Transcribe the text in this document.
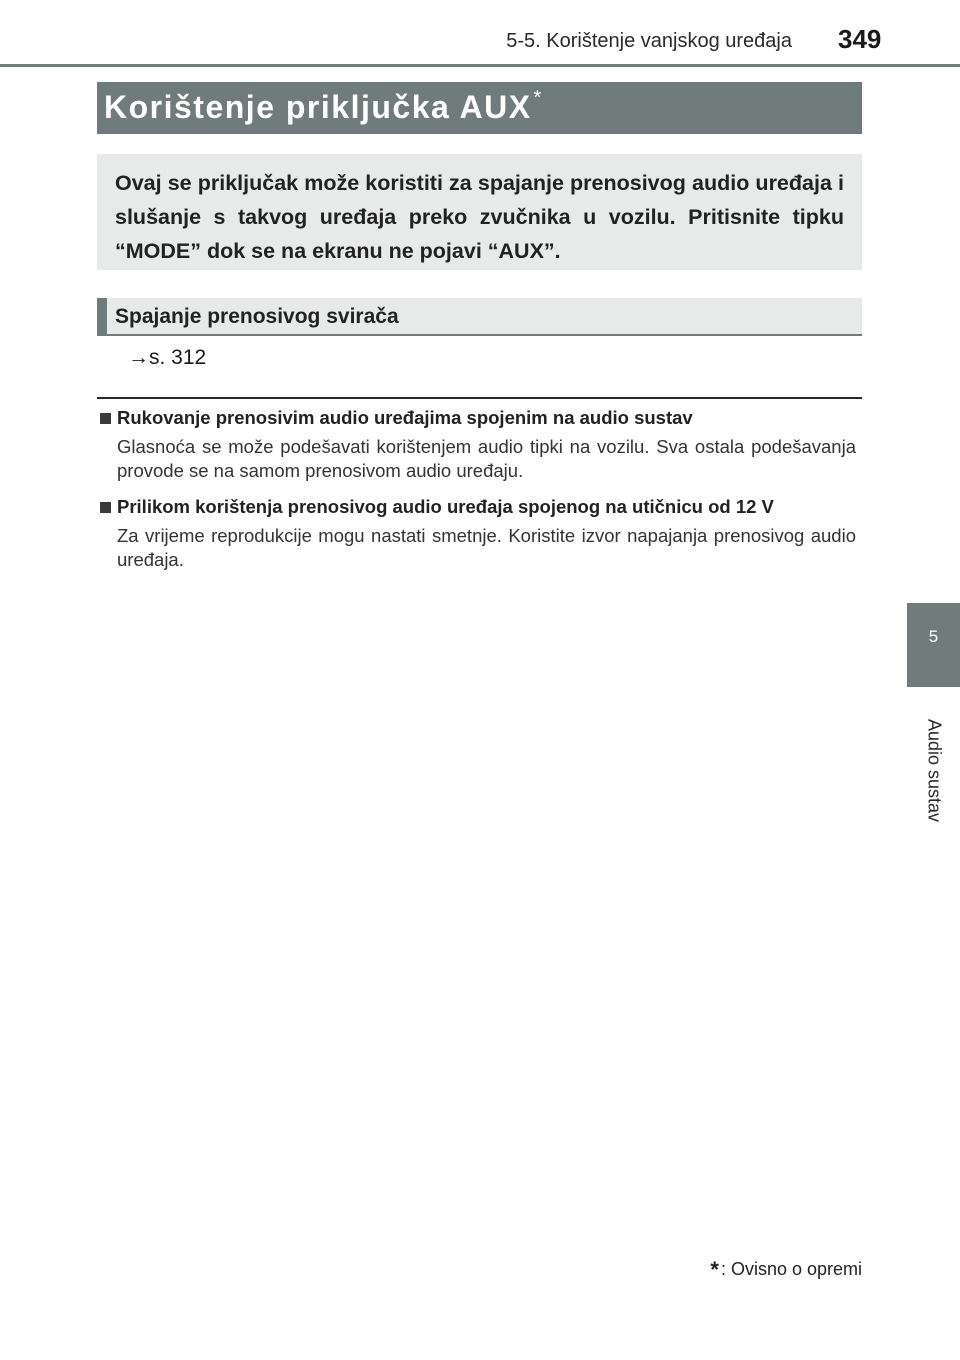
5-5. Korištenje vanjskog uređaja 349
Korištenje priključka AUX *
Ovaj se priključak može koristiti za spajanje prenosivog audio uređaja i slušanje s takvog uređaja preko zvučnika u vozilu. Pritisnite tipku “MODE” dok se na ekranu ne pojavi “AUX”.
Spajanje prenosivog svirača
→s. 312
Rukovanje prenosivim audio uređajima spojenim na audio sustav
Glasnoća se može podešavati korištenjem audio tipki na vozilu. Sva ostala podešavanja provode se na samom prenosivom audio uređaju.
Prilikom korištenja prenosivog audio uređaja spojenog na utičnicu od 12 V
Za vrijeme reprodukcije mogu nastati smetnje. Koristite izvor napajanja prenosivog audio uređaja.
5
Audio sustav
* : Ovisno o opremi
